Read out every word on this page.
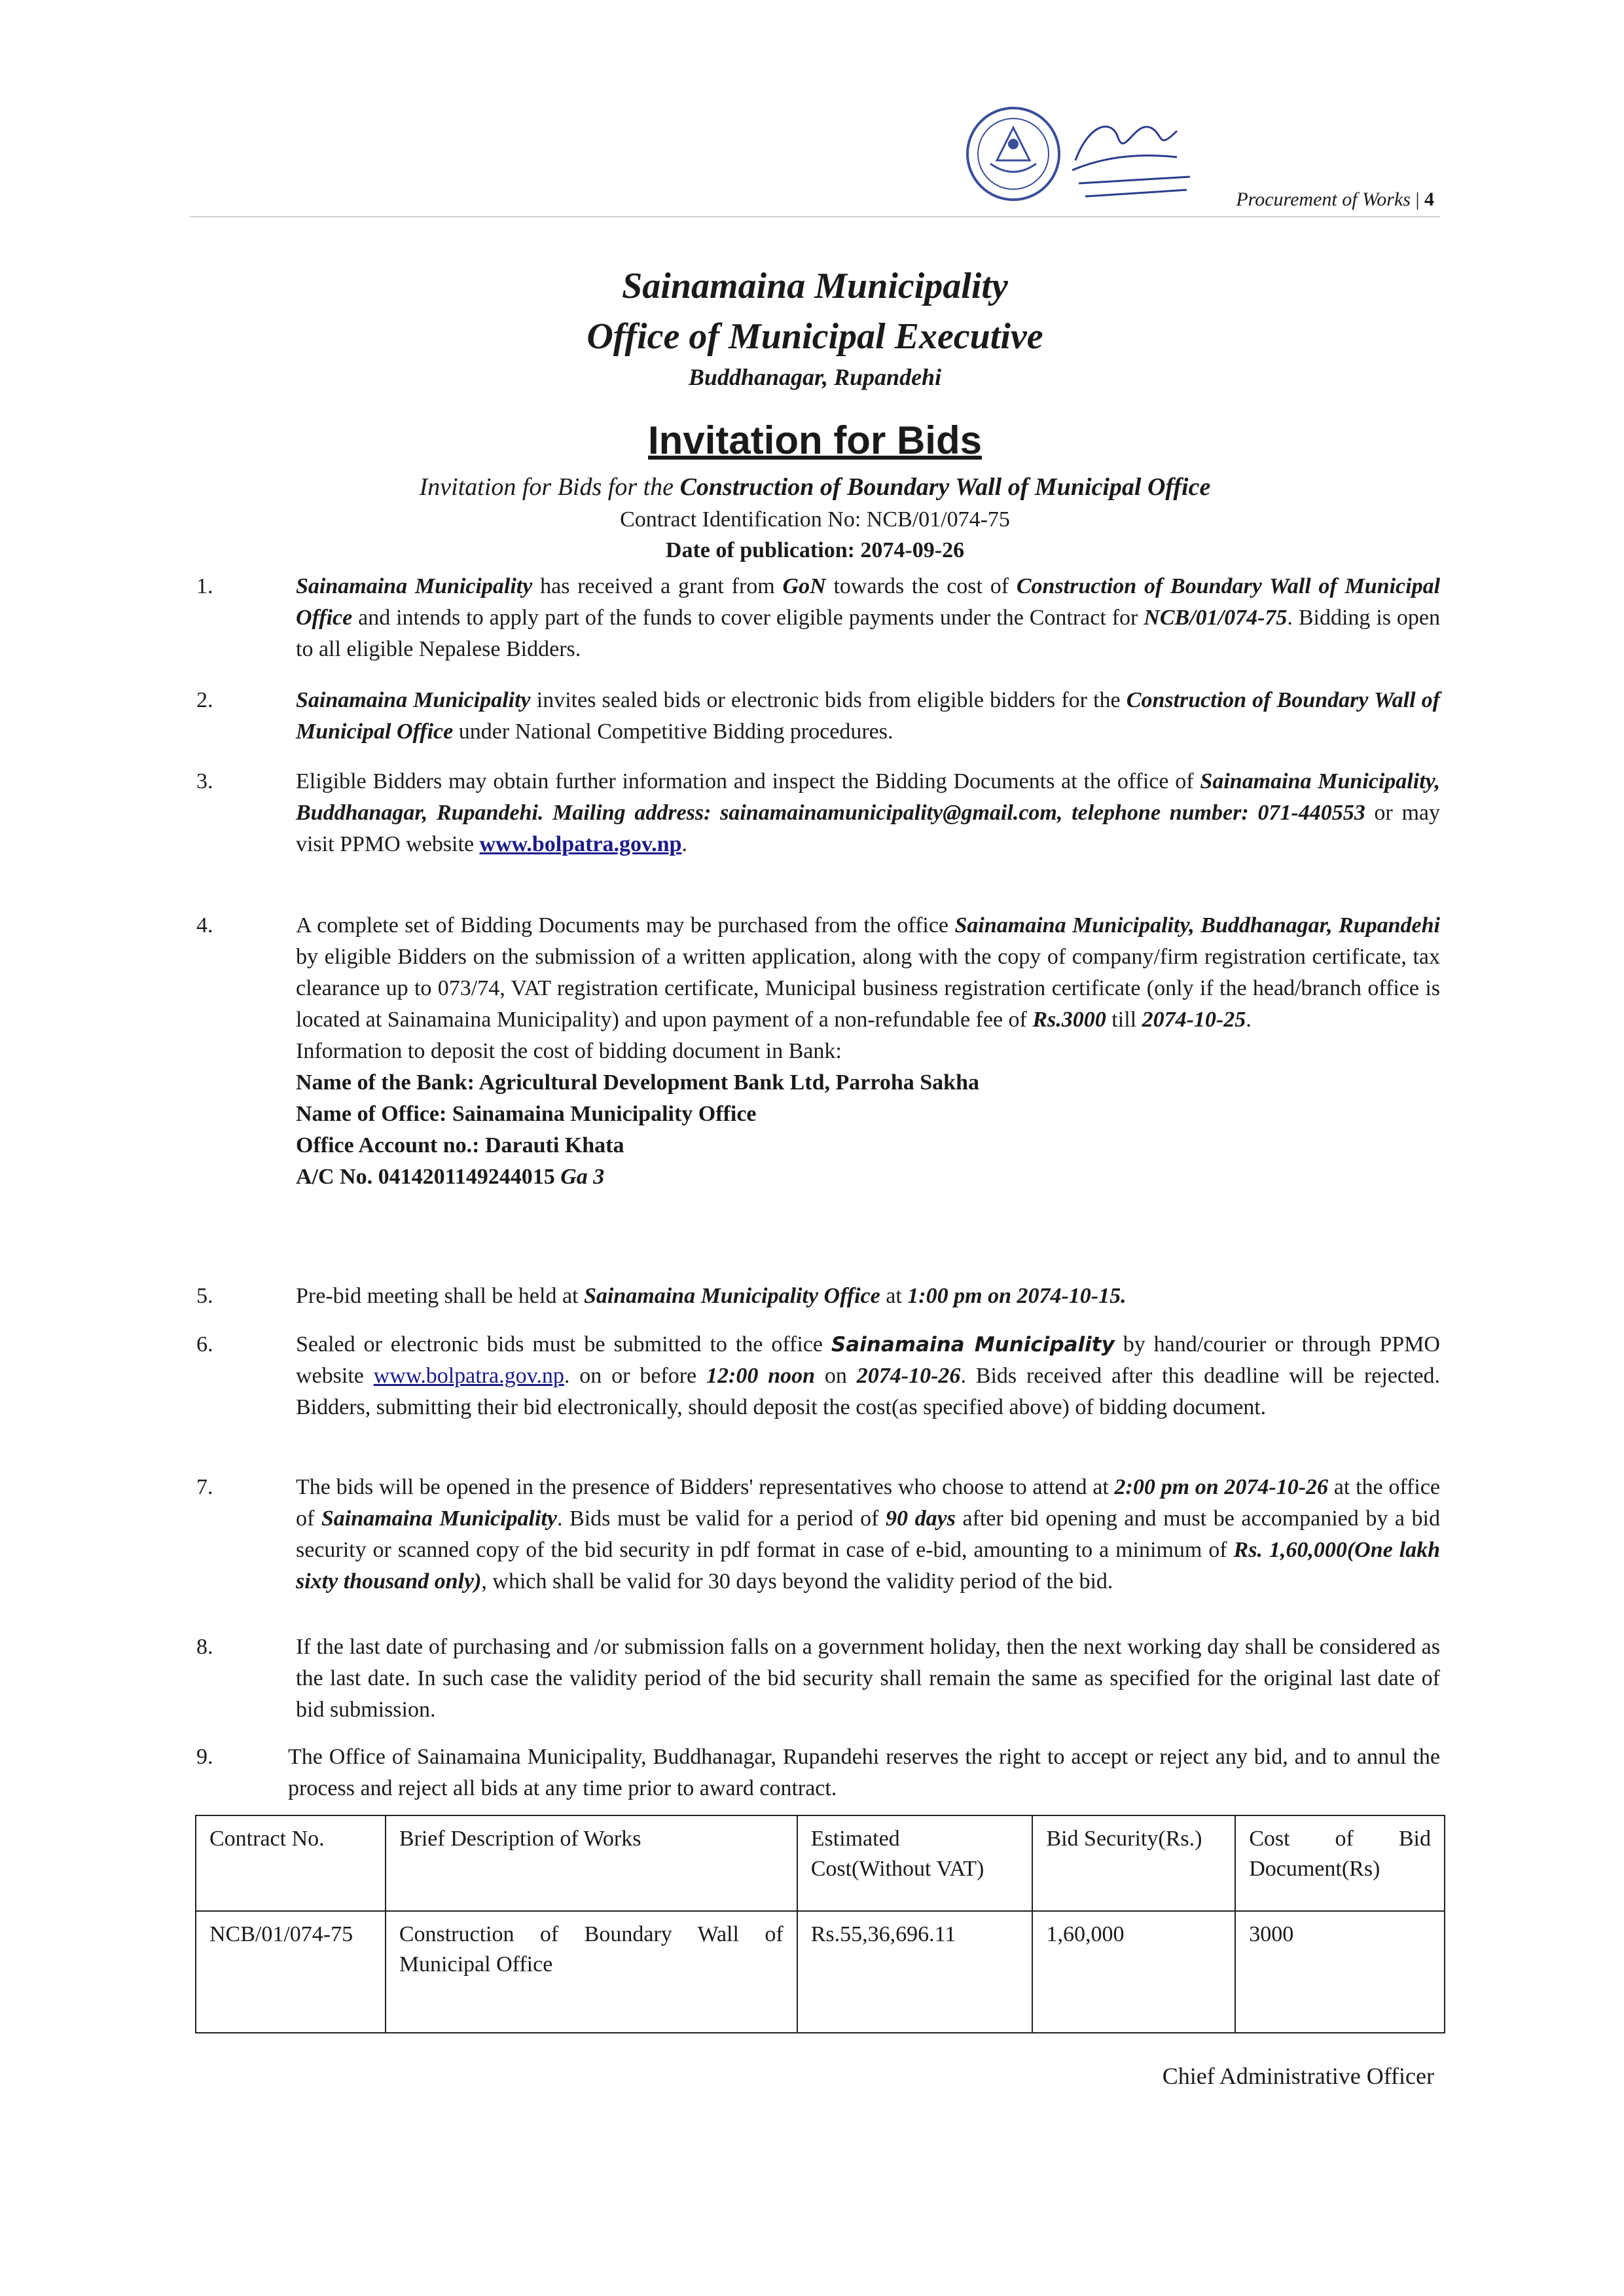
Procurement of Works | 4
Sainamaina Municipality
Office of Municipal Executive
Buddhanagar, Rupandehi
Invitation for Bids
Invitation for Bids for the Construction of Boundary Wall of Municipal Office
Contract Identification No: NCB/01/074-75
Date of publication: 2074-09-26
1.	Sainamaina Municipality has received a grant from GoN towards the cost of Construction of Boundary Wall of Municipal Office and intends to apply part of the funds to cover eligible payments under the Contract for NCB/01/074-75. Bidding is open to all eligible Nepalese Bidders.
2.	Sainamaina Municipality invites sealed bids or electronic bids from eligible bidders for the Construction of Boundary Wall of Municipal Office under National Competitive Bidding procedures.
3.	Eligible Bidders may obtain further information and inspect the Bidding Documents at the office of Sainamaina Municipality, Buddhanagar, Rupandehi. Mailing address: sainamainamunicipality@gmail.com, telephone number: 071-440553 or may visit PPMO website www.bolpatra.gov.np.
4.	A complete set of Bidding Documents may be purchased from the office Sainamaina Municipality, Buddhanagar, Rupandehi by eligible Bidders on the submission of a written application, along with the copy of company/firm registration certificate, tax clearance up to 073/74, VAT registration certificate, Municipal business registration certificate (only if the head/branch office is located at Sainamaina Municipality) and upon payment of a non-refundable fee of Rs.3000 till 2074-10-25.
Information to deposit the cost of bidding document in Bank:
Name of the Bank: Agricultural Development Bank Ltd, Parroha Sakha
Name of Office: Sainamaina Municipality Office
Office Account no.: Darauti Khata
A/C No. 0414201149244015 Ga 3
5.	Pre-bid meeting shall be held at Sainamaina Municipality Office at 1:00 pm on 2074-10-15.
6.	Sealed or electronic bids must be submitted to the office Sainamaina Municipality by hand/courier or through PPMO website www.bolpatra.gov.np. on or before 12:00 noon on 2074-10-26. Bids received after this deadline will be rejected. Bidders, submitting their bid electronically, should deposit the cost(as specified above) of bidding document.
7.	The bids will be opened in the presence of Bidders' representatives who choose to attend at 2:00 pm on 2074-10-26 at the office of Sainamaina Municipality. Bids must be valid for a period of 90 days after bid opening and must be accompanied by a bid security or scanned copy of the bid security in pdf format in case of e-bid, amounting to a minimum of Rs. 1,60,000(One lakh sixty thousand only), which shall be valid for 30 days beyond the validity period of the bid.
8.	If the last date of purchasing and /or submission falls on a government holiday, then the next working day shall be considered as the last date. In such case the validity period of the bid security shall remain the same as specified for the original last date of bid submission.
9.	The Office of Sainamaina Municipality, Buddhanagar, Rupandehi reserves the right to accept or reject any bid, and to annul the process and reject all bids at any time prior to award contract.
Contract No.	Brief Description of Works	Estimated Cost(Without VAT)	Bid Security(Rs.)	Cost of Bid Document(Rs)
NCB/01/074-75	Construction of Boundary Wall of Municipal Office	Rs.55,36,696.11	1,60,000	3000
Chief Administrative Officer
